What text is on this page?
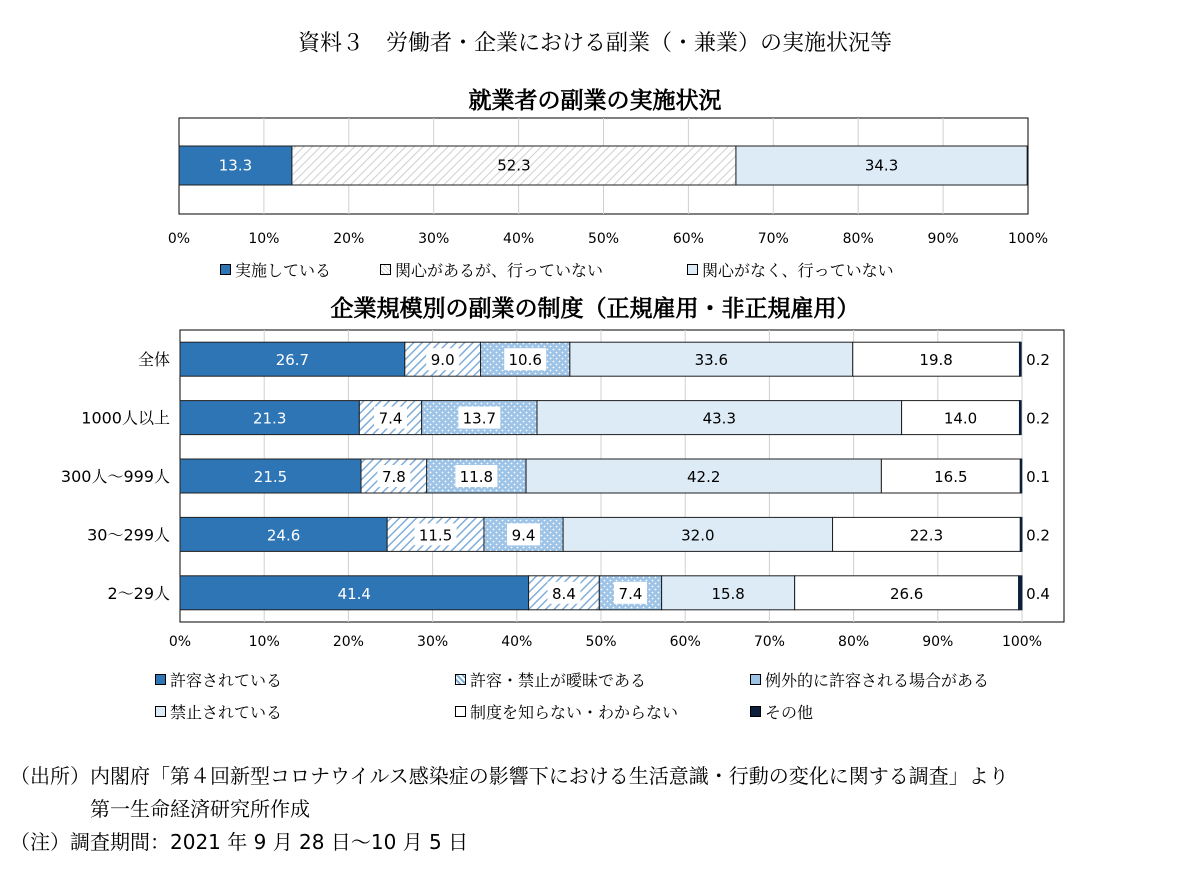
資料３　労働者・企業における副業（・兼業）の実施状況等
就業者の副業の実施状況
企業規模別の副業の制度（正規雇用・非正規雇用）
0%	10%	20%	30%	40%	50%	60%	70%	80%	90%	100%
13.3	52.3	34.3
0%	10%	20%	30%	40%	50%	60%	70%	80%	90%	100%
全体	26.7	9.0	10.6	33.6	19.8	0.2
1000人以上	21.3	7.4	13.7	43.3	14.0	0.2
300人～999人	21.5	7.8	11.8	42.2	16.5	0.1
30～299人	24.6	11.5	9.4	32.0	22.3	0.2
2～29人	41.4	8.4	7.4	15.8	26.6	0.4
実施している	関心があるが、行っていない	関心がなく、行っていない
許容されている	許容・禁止が曖昧である	例外的に許容される場合がある
禁止されている	制度を知らない・わからない	その他
（出所）内閣府「第４回新型コロナウイルス感染症の影響下における生活意識・行動の変化に関する調査」より
第一生命経済研究所作成
（注）調査期間：2021 年 9 月 28 日～10 月 5 日
